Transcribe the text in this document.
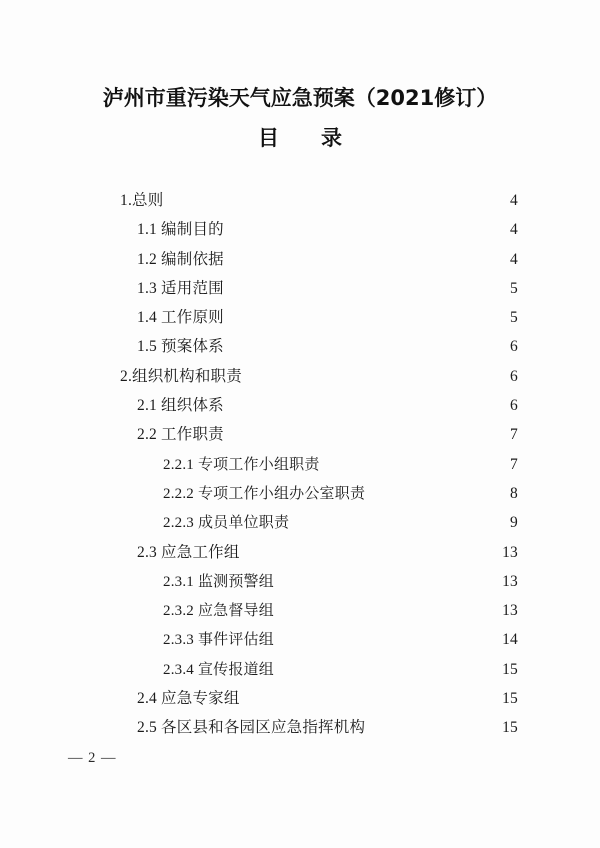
泸州市重污染天气应急预案（2021修订）
目　　录
1.总则 .....	4
1.1 编制目的 .....	4
1.2 编制依据 .....	4
1.3 适用范围 .....	5
1.4 工作原则 .....	5
1.5 预案体系 .....	6
2.组织机构和职责 .....	6
2.1 组织体系 .....	6
2.2 工作职责 .....	7
2.2.1 专项工作小组职责 .....	7
2.2.2 专项工作小组办公室职责 .....	8
2.2.3 成员单位职责 .....	9
2.3 应急工作组 .....	13
2.3.1 监测预警组 .....	13
2.3.2 应急督导组 .....	13
2.3.3 事件评估组 .....	14
2.3.4 宣传报道组 .....	15
2.4 应急专家组 .....	15
2.5 各区县和各园区应急指挥机构 .....	15
— 2 —
